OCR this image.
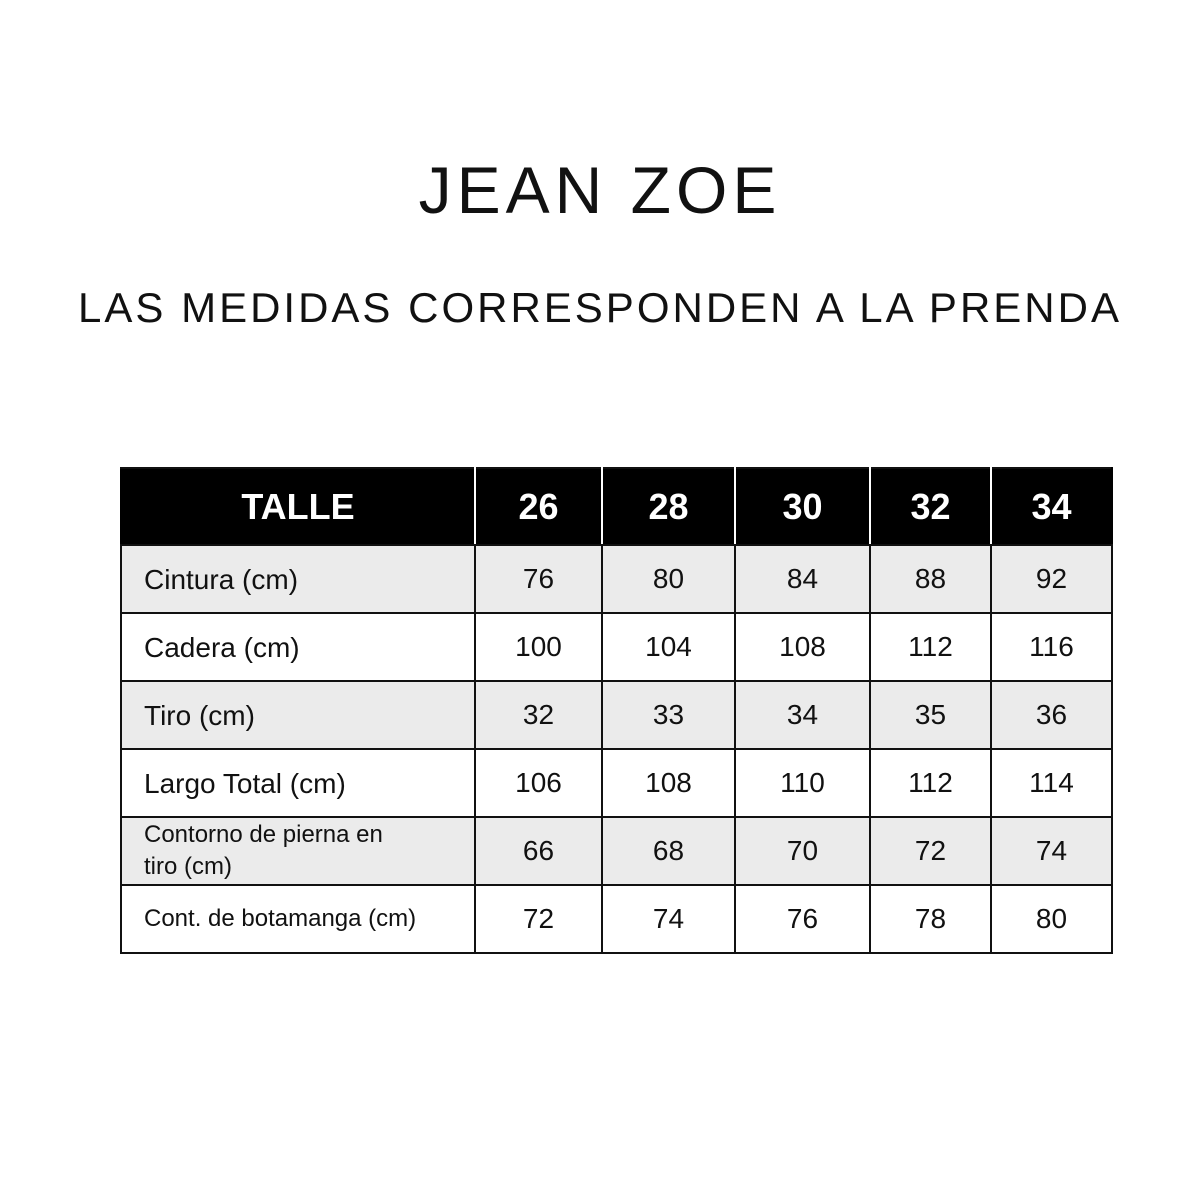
JEAN ZOE
LAS MEDIDAS CORRESPONDEN A LA PRENDA
TALLE	26	28	30	32	34
Cintura (cm)	76	80	84	88	92
Cadera (cm)	100	104	108	112	116
Tiro (cm)	32	33	34	35	36
Largo Total (cm)	106	108	110	112	114
Contorno de pierna en tiro (cm)	66	68	70	72	74
Cont. de botamanga (cm)	72	74	76	78	80
